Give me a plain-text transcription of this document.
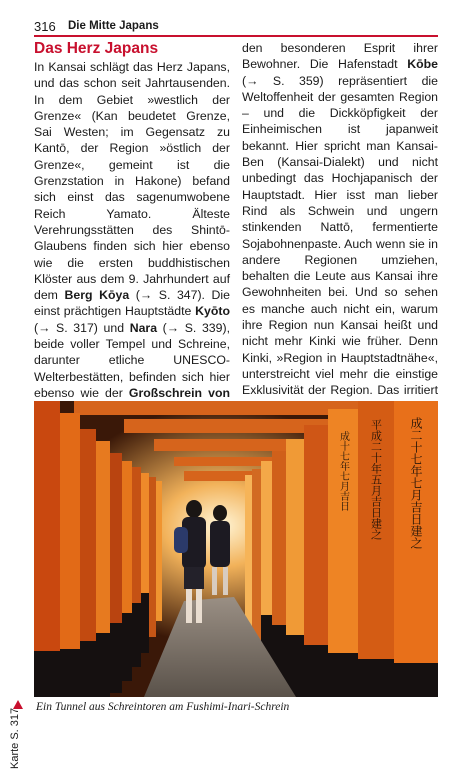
316 Die Mitte Japans
Das Herz Japans

In Kansai schlägt das Herz Japans, und das schon seit Jahrtausenden. In dem Gebiet »westlich der Grenze« (Kan beudetet Grenze, Sai Westen; im Gegensatz zu Kantō, der Region »östlich der Grenze«, gemeint ist die Grenzstation in Hakone) befand sich einst das sagenumwobene Reich Yamato. Älteste Verehrungsstätten des Shintō-Glaubens finden sich hier ebenso wie die ersten buddhistischen Klöster aus dem 9. Jahrhundert auf dem Berg Kōya (→ S. 347). Die einst prächtigen Hauptstädte Kyōto (→ S. 317) und Nara (→ S. 339), beide voller Tempel und Schreine, darunter etliche UNESCO-Welterbestätten, befinden sich hier ebenso wie der Großschrein von

den besonderen Esprit ihrer Bewohner. Die Hafenstadt Kōbe (→ S. 359) repräsentiert die Weltoffenheit der gesamten Region – und die Dickköpfigkeit der Einheimischen ist japanweit bekannt. Hier spricht man Kansai-Ben (Kansai-Dialekt) und nicht unbedingt das Hochjapanisch der Hauptstadt. Hier isst man lieber Rind als Schwein und ungern stinkenden Nattō, fermentierte Sojabohnenpaste. Auch wenn sie in andere Regionen umziehen, behalten die Leute aus Kansai ihre Gewohnheiten bei. Und so sehen es manche auch nicht ein, warum ihre Region nun Kansai heißt und nicht mehr Kinki wie früher. Denn Kinki, »Region in Hauptstadtnähe«, unterstreicht viel mehr die einstige Exklusivität der Region. Das irritiert

成二十七年七月吉日建之
平成二十年五月吉日建之
成十七年七月吉日
Ein Tunnel aus Schreintoren am Fushimi-Inari-Schrein
Karte S. 317
